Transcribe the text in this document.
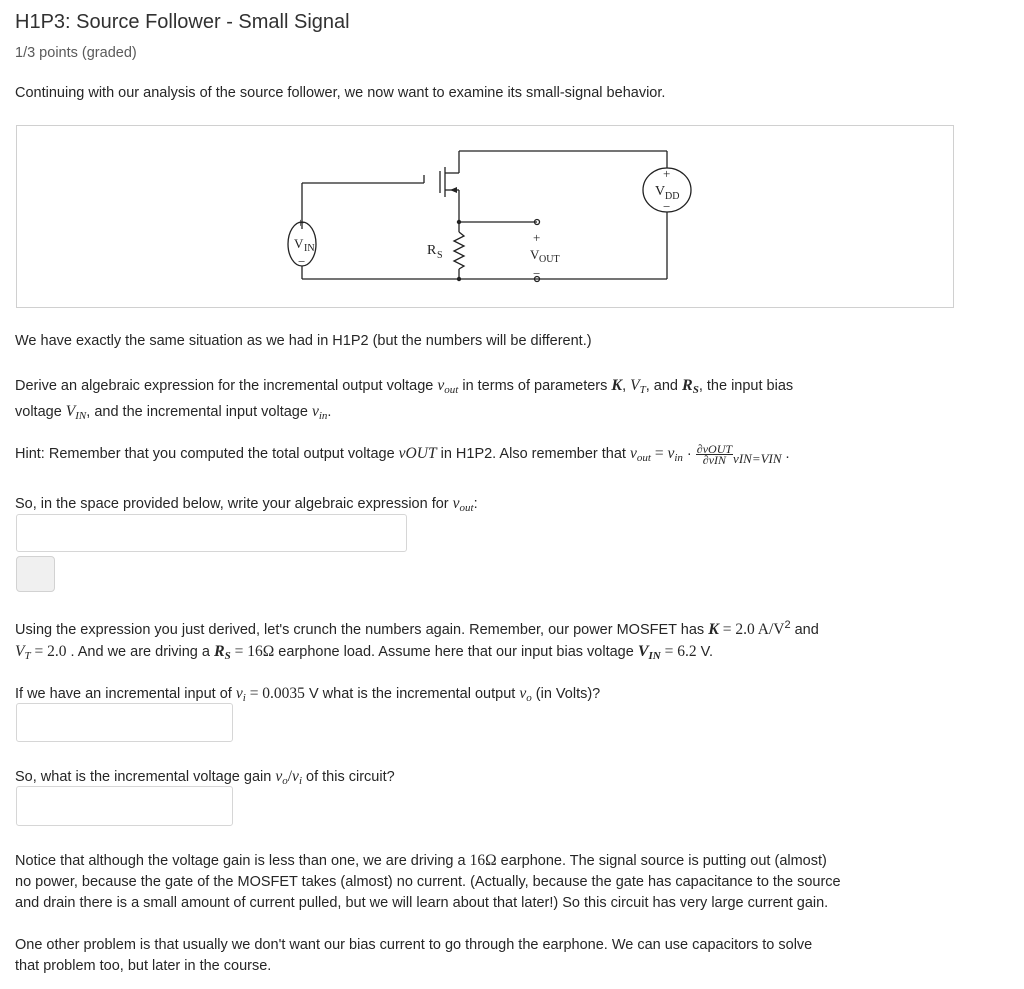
H1P3: Source Follower - Small Signal
1/3 points (graded)
Continuing with our analysis of the source follower, we now want to examine its small-signal behavior.
+
V IN
−
R S
+
V OUT
−
+
V DD
−
We have exactly the same situation as we had in H1P2 (but the numbers will be different.)
Derive an algebraic expression for the incremental output voltage $v_{out}$ in terms of parameters K, $V_T$, and $R_S$, the input bias
voltage $V_{IN}$, and the incremental input voltage $v_{in}$.
Hint: Remember that you computed the total output voltage vOUT in H1P2. Also remember that $v_{out} = v_{in} \cdot \frac{\text{∂vOUT}}{\text{∂vIN}} vIN=VIN$ .
So, in the space provided below, write your algebraic expression for $v_{out}$:
Using the expression you just derived, let's crunch the numbers again. Remember, our power MOSFET has K = 2.0 $A/V^2$ and
$V_T = 2.0$ . And we are driving a $R_S = 16\Omega$ earphone load. Assume here that our input bias voltage $V_{IN} = 6.2$ V.
If we have an incremental input of $v_i = 0.0035$ V what is the incremental output $v_o$ (in Volts)?
So, what is the incremental voltage gain $v_o/v_i$ of this circuit?
Notice that although the voltage gain is less than one, we are driving a 16Ω earphone. The signal source is putting out (almost)
no power, because the gate of the MOSFET takes (almost) no current. (Actually, because the gate has capacitance to the source
and drain there is a small amount of current pulled, but we will learn about that later!) So this circuit has very large current gain.
One other problem is that usually we don't want our bias current to go through the earphone. We can use capacitors to solve
that problem too, but later in the course.
